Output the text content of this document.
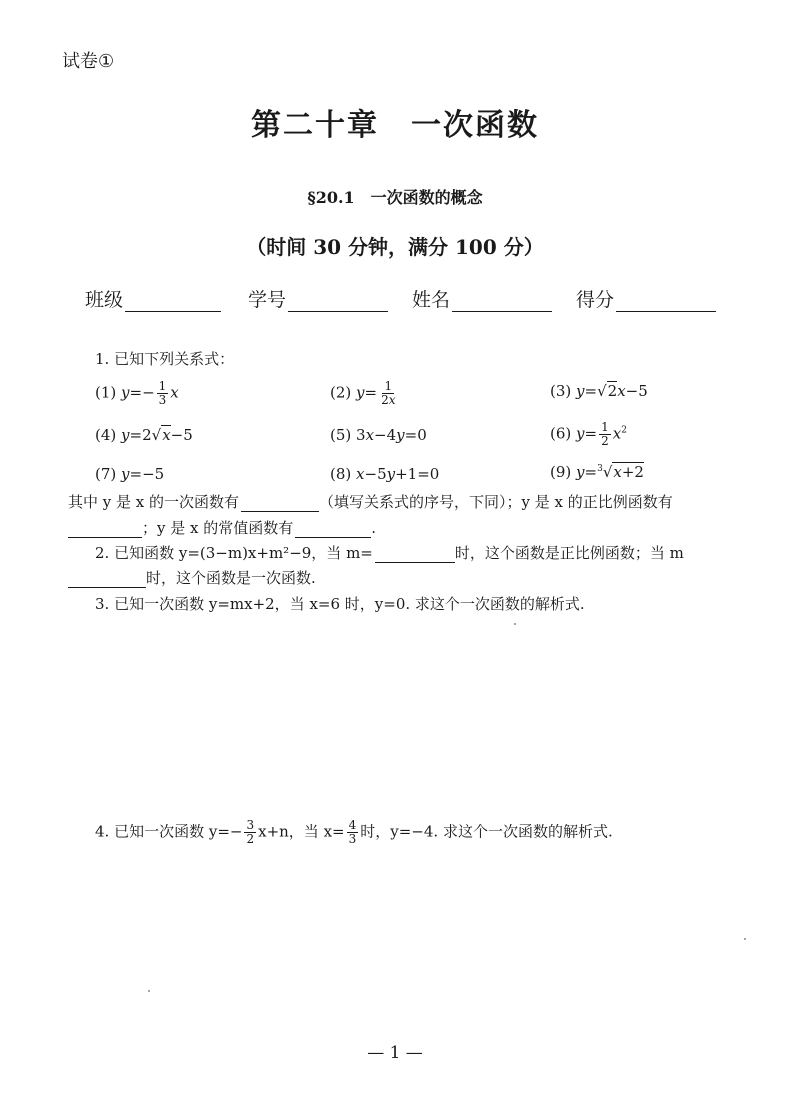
试卷①
第二十章　一次函数
§20.1　一次函数的概念
（时间 30 分钟，满分 100 分）
班级	学号	姓名	得分
1. 已知下列关系式：
(1) $y=- \frac{1}{3}$ x	(2) $y= \frac{1}{2x}$	(3) y=√2x−5
(4) y=2√x−5	(5) 3x−4y=0	(6) $y= \frac{1}{2} x^2$
(7) y=−5	(8) x−5y+1=0	(9) y=$^3$√x+2
其中 y 是 x 的一次函数有	（填写关系式的序号，下同）；y 是 x 的正比例函数有
；y 是 x 的常值函数有	.
2. 已知函数 y=(3−m)x+m²−9，当 m=	时，这个函数是正比例函数；当 m
时，这个函数是一次函数.
3. 已知一次函数 y=mx+2，当 x=6 时，y=0. 求这个一次函数的解析式.
4. 已知一次函数 $y=- \frac{3}{2} x+n$，当 $x= \frac{4}{3}$ 时，y=−4. 求这个一次函数的解析式.
— 1 —
